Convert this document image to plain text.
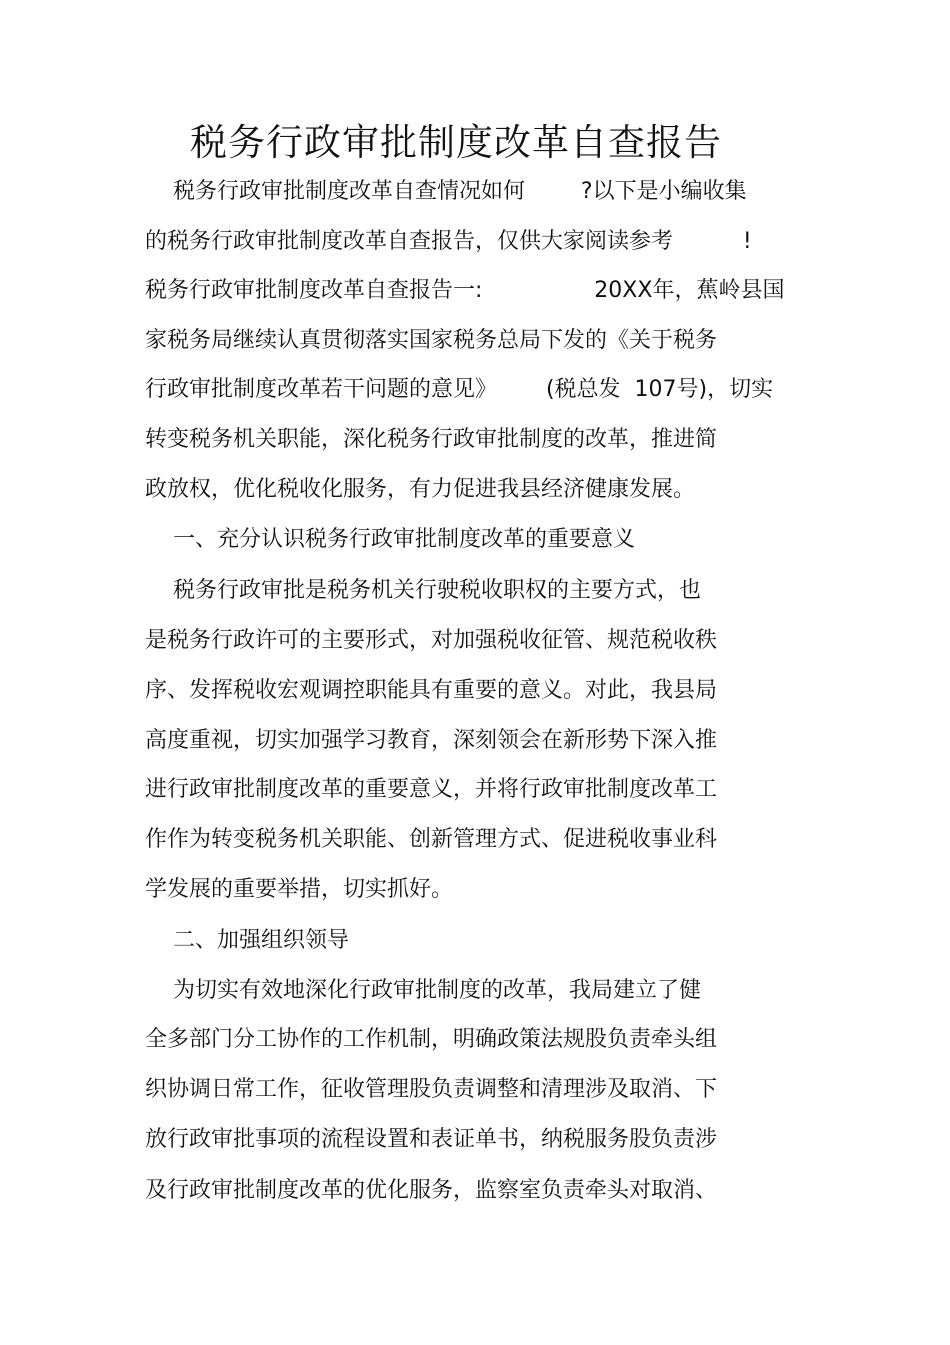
税务行政审批制度改革自查报告

税务行政审批制度改革自查情况如何        ?以下是小编收集

的税务行政审批制度改革自查报告，仅供大家阅读参考          !

税务行政审批制度改革自查报告一:                20XX年，蕉岭县国

家税务局继续认真贯彻落实国家税务总局下发的《关于税务

行政审批制度改革若干问题的意见》       (税总发  107号)，切实

转变税务机关职能，深化税务行政审批制度的改革，推进简

政放权，优化税收化服务，有力促进我县经济健康发展。

一、充分认识税务行政审批制度改革的重要意义

税务行政审批是税务机关行驶税收职权的主要方式，也

是税务行政许可的主要形式，对加强税收征管、规范税收秩

序、发挥税收宏观调控职能具有重要的意义。对此，我县局

高度重视，切实加强学习教育，深刻领会在新形势下深入推

进行政审批制度改革的重要意义，并将行政审批制度改革工

作作为转变税务机关职能、创新管理方式、促进税收事业科

学发展的重要举措，切实抓好。

二、加强组织领导

为切实有效地深化行政审批制度的改革，我局建立了健

全多部门分工协作的工作机制，明确政策法规股负责牵头组

织协调日常工作，征收管理股负责调整和清理涉及取消、下

放行政审批事项的流程设置和表证单书，纳税服务股负责涉

及行政审批制度改革的优化服务，监察室负责牵头对取消、
